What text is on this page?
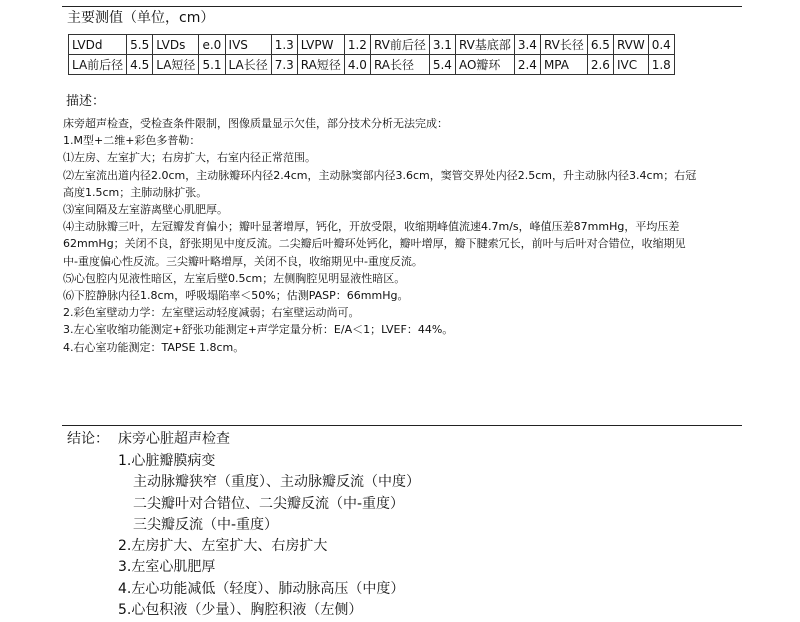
主要测值（单位，cm）
LVDd	5.5	LVDs	е.0	IVS	1.3	LVPW	1.2	RV前后径	3.1	RV基底部	3.4	RV长径	6.5	RVW	0.4
LA前后径	4.5	LA短径	5.1	LA长径	7.3	RA短径	4.0	RA长径	5.4	AO瓣环	2.4	MPA	2.6	IVC	1.8
描述：
床旁超声检查，受检查条件限制，图像质量显示欠佳，部分技术分析无法完成：
1.M型+二维+彩色多普勒：
⑴左房、左室扩大；右房扩大，右室内径正常范围。
⑵左室流出道内径2.0cm，主动脉瓣环内径2.4cm，主动脉窦部内径3.6cm，窦管交界处内径2.5cm，升主动脉内径3.4cm；右冠
高度1.5cm；主肺动脉扩张。
⑶室间隔及左室游离壁心肌肥厚。
⑷主动脉瓣三叶，左冠瓣发育偏小；瓣叶显著增厚，钙化，开放受限，收缩期峰值流速4.7m/s，峰值压差87mmHg，平均压差
62mmHg；关闭不良，舒张期见中度反流。二尖瓣后叶瓣环处钙化，瓣叶增厚，瓣下腱索冗长，前叶与后叶对合错位，收缩期见
中-重度偏心性反流。三尖瓣叶略增厚，关闭不良，收缩期见中-重度反流。
⑸心包腔内见液性暗区，左室后壁0.5cm；左侧胸腔见明显液性暗区。
⑹下腔静脉内径1.8cm，呼吸塌陷率＜50%；估测PASP：66mmHg。
2.彩色室壁动力学：左室壁运动轻度减弱；右室壁运动尚可。
3.左心室收缩功能测定+舒张功能测定+声学定量分析：E/A＜1；LVEF：44%。
4.右心室功能测定：TAPSE 1.8cm。
结论： 床旁心脏超声检查
1.心脏瓣膜病变
主动脉瓣狭窄（重度）、主动脉瓣反流（中度）
二尖瓣叶对合错位、二尖瓣反流（中-重度）
三尖瓣反流（中-重度）
2.左房扩大、左室扩大、右房扩大
3.左室心肌肥厚
4.左心功能减低（轻度）、肺动脉高压（中度）
5.心包积液（少量）、胸腔积液（左侧）
